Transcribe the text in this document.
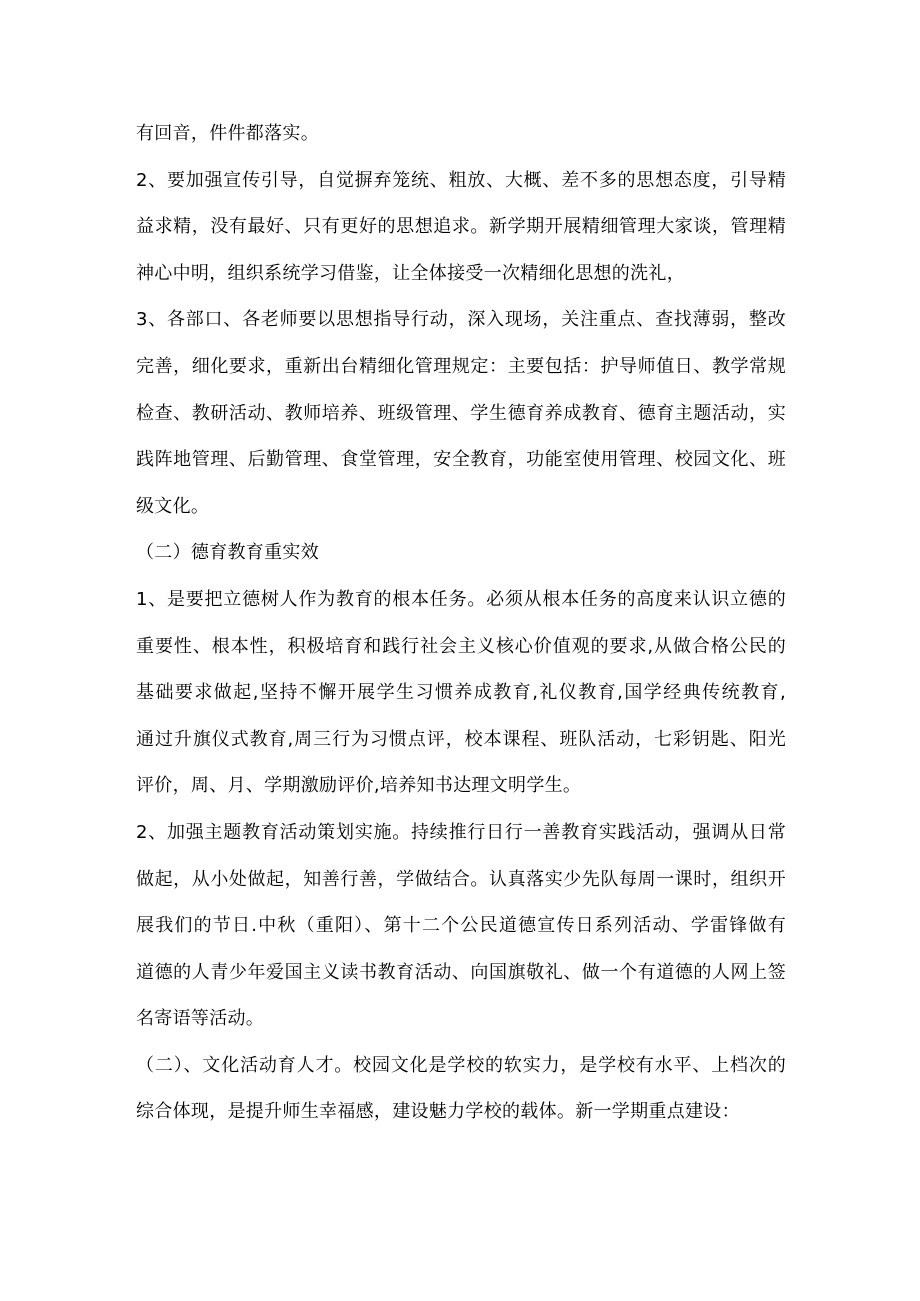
有回音，件件都落实。
2、要加强宣传引导，自觉摒弃笼统、粗放、大概、差不多的思想态度，引导精
益求精，没有最好、只有更好的思想追求。新学期开展精细管理大家谈，管理精
神心中明，组织系统学习借鉴，让全体接受一次精细化思想的洗礼，
3、各部口、各老师要以思想指导行动，深入现场，关注重点、查找薄弱，整改
完善，细化要求，重新出台精细化管理规定：主要包括：护导师值日、教学常规
检查、教研活动、教师培养、班级管理、学生德育养成教育、德育主题活动，实
践阵地管理、后勤管理、食堂管理，安全教育，功能室使用管理、校园文化、班
级文化。
（二）德育教育重实效
1、是要把立德树人作为教育的根本任务。必须从根本任务的高度来认识立德的
重要性、根本性，积极培育和践行社会主义核心价值观的要求,从做合格公民的
基础要求做起,坚持不懈开展学生习惯养成教育,礼仪教育,国学经典传统教育,
通过升旗仪式教育,周三行为习惯点评，校本课程、班队活动，七彩钥匙、阳光
评价，周、月、学期激励评价,培养知书达理文明学生。
2、加强主题教育活动策划实施。持续推行日行一善教育实践活动，强调从日常
做起，从小处做起，知善行善，学做结合。认真落实少先队每周一课时，组织开
展我们的节日.中秋（重阳）、第十二个公民道德宣传日系列活动、学雷锋做有
道德的人青少年爱国主义读书教育活动、向国旗敬礼、做一个有道德的人网上签
名寄语等活动。
（二）、文化活动育人才。校园文化是学校的软实力，是学校有水平、上档次的
综合体现，是提升师生幸福感，建设魅力学校的载体。新一学期重点建设：
